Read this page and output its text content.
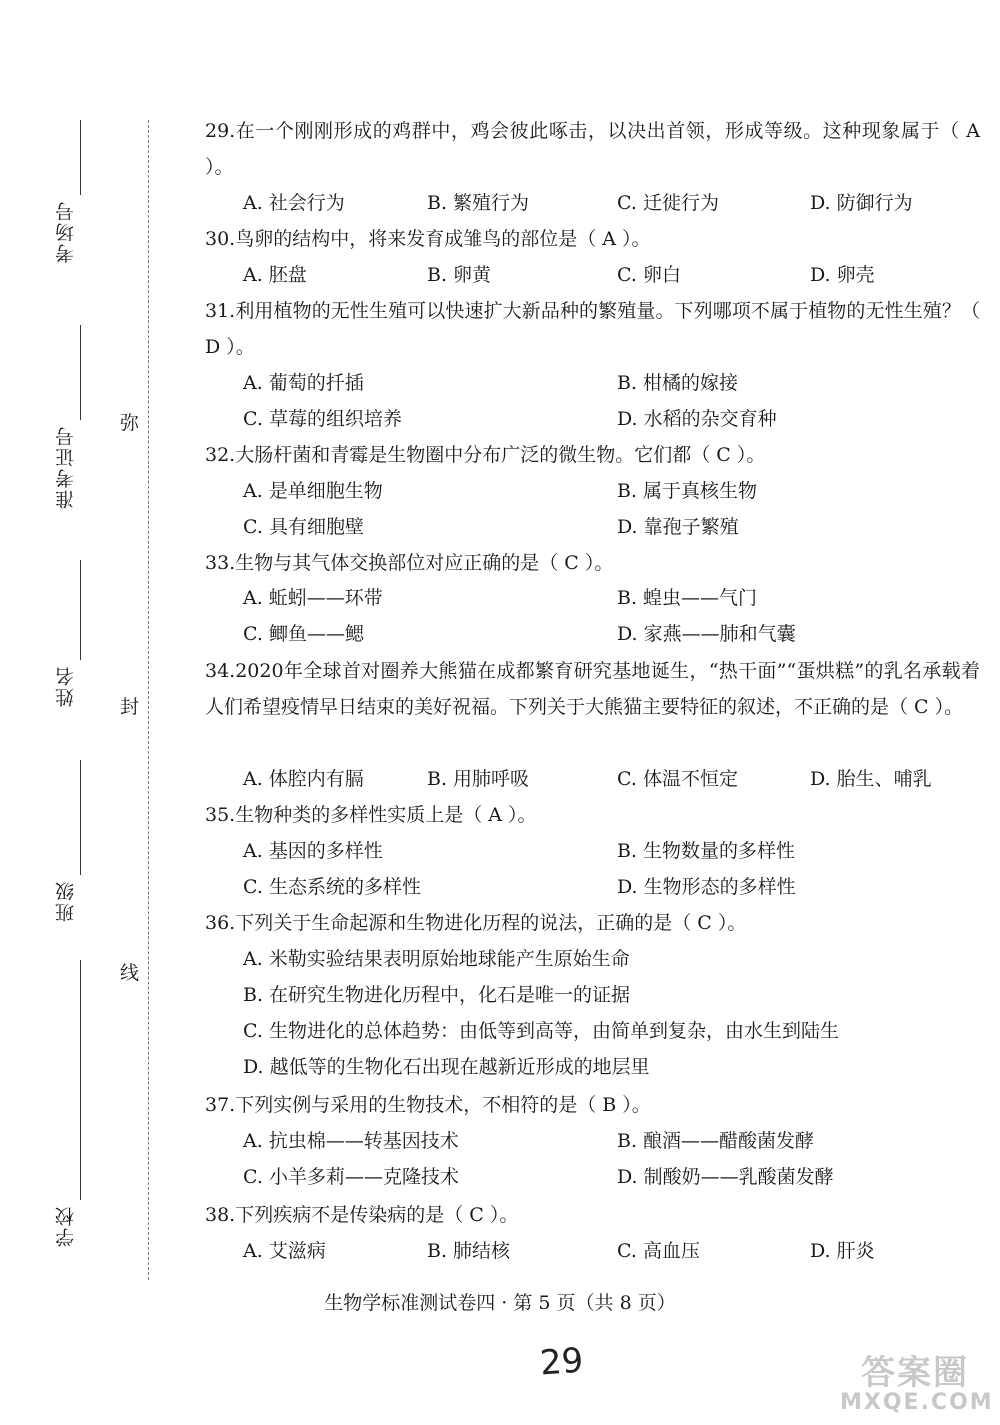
考场号
准考证号
姓名
班级
学校
弥
封
线
29.在一个刚刚形成的鸡群中，鸡会彼此啄击，以决出首领，形成等级。这种现象属于（ A ）。
A. 社会行为	B. 繁殖行为	C. 迁徙行为	D. 防御行为
30.鸟卵的结构中，将来发育成雏鸟的部位是（ A ）。
A. 胚盘	B. 卵黄	C. 卵白	D. 卵壳
31.利用植物的无性生殖可以快速扩大新品种的繁殖量。下列哪项不属于植物的无性生殖？（ D ）。
A. 葡萄的扦插	B. 柑橘的嫁接
C. 草莓的组织培养	D. 水稻的杂交育种
32.大肠杆菌和青霉是生物圈中分布广泛的微生物。它们都（ C ）。
A. 是单细胞生物	B. 属于真核生物
C. 具有细胞壁	D. 靠孢子繁殖
33.生物与其气体交换部位对应正确的是（ C ）。
A. 蚯蚓——环带	B. 蝗虫——气门
C. 鲫鱼——鳃	D. 家燕——肺和气囊
34.2020年全球首对圈养大熊猫在成都繁育研究基地诞生，“热干面”“蛋烘糕”的乳名承载着人们希望疫情早日结束的美好祝福。下列关于大熊猫主要特征的叙述，不正确的是（ C ）。
A. 体腔内有膈	B. 用肺呼吸	C. 体温不恒定	D. 胎生、哺乳
35.生物种类的多样性实质上是（ A ）。
A. 基因的多样性	B. 生物数量的多样性
C. 生态系统的多样性	D. 生物形态的多样性
36.下列关于生命起源和生物进化历程的说法，正确的是（ C ）。
A. 米勒实验结果表明原始地球能产生原始生命
B. 在研究生物进化历程中，化石是唯一的证据
C. 生物进化的总体趋势：由低等到高等，由简单到复杂，由水生到陆生
D. 越低等的生物化石出现在越新近形成的地层里
37.下列实例与采用的生物技术，不相符的是（ B ）。
A. 抗虫棉——转基因技术	B. 酿酒——醋酸菌发酵
C. 小羊多莉——克隆技术	D. 制酸奶——乳酸菌发酵
38.下列疾病不是传染病的是（ C ）。
A. 艾滋病	B. 肺结核	C. 高血压	D. 肝炎
生物学标准测试卷四 · 第 5 页（共 8 页）
29	答案圈
MXQE.COM
